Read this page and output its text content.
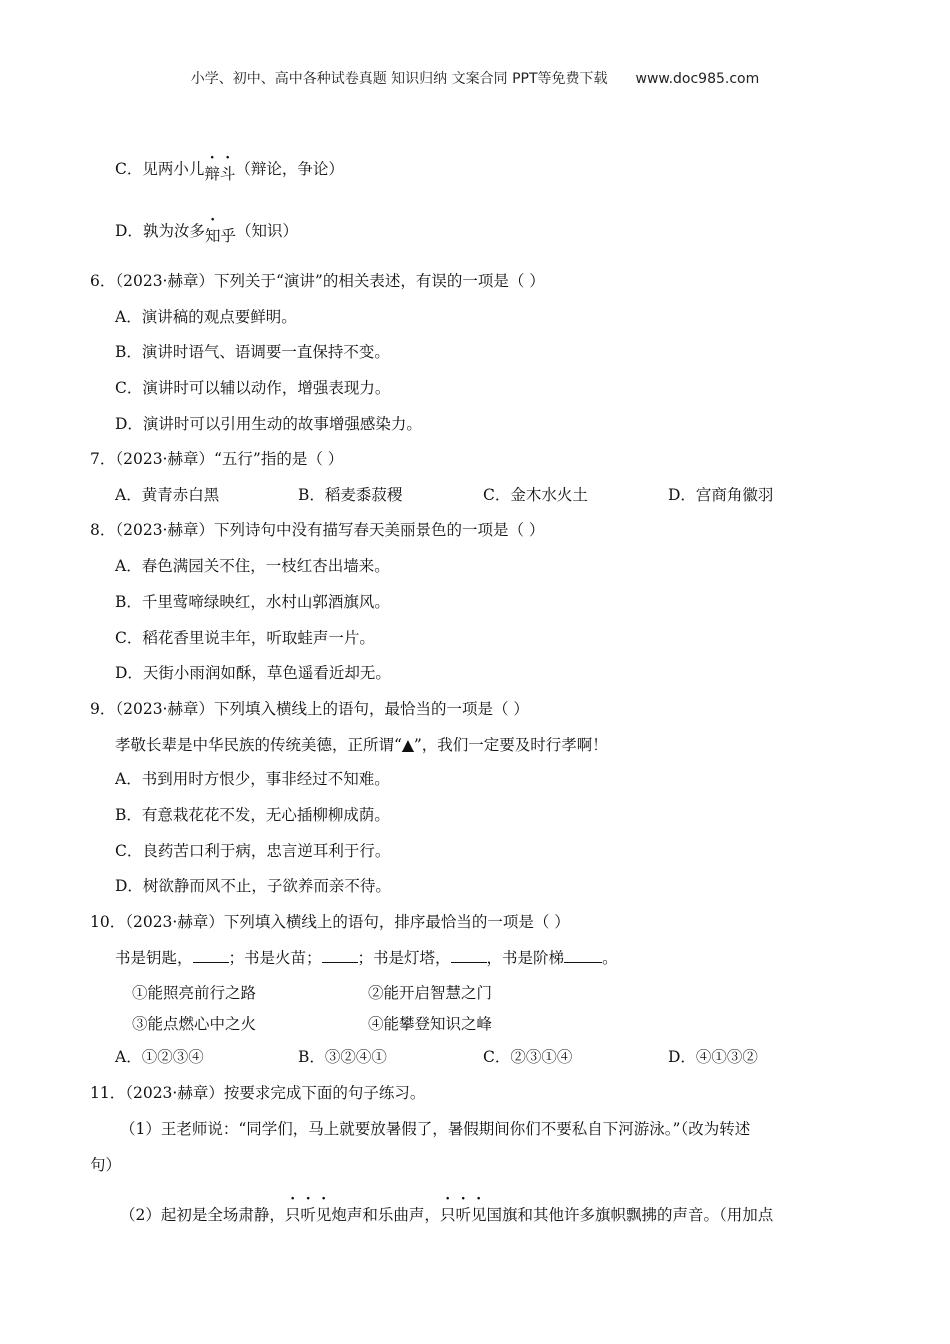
小学、初中、高中各种试卷真题 知识归纳 文案合同 PPT等免费下载 www.doc985.com
C．见两小儿辩斗（辩论，争论）
D．孰为汝多知乎（知识）
6．（2023·赫章）下列关于“演讲”的相关表述，有误的一项是（ ）
A．演讲稿的观点要鲜明。
B．演讲时语气、语调要一直保持不变。
C．演讲时可以辅以动作，增强表现力。
D．演讲时可以引用生动的故事增强感染力。
7．（2023·赫章）“五行”指的是（ ）
A．黄青赤白黑	B．稻麦黍菽稷	C．金木水火土	D．宫商角徽羽
8．（2023·赫章）下列诗句中没有描写春天美丽景色的一项是（ ）
A．春色满园关不住，一枝红杏出墙来。
B．千里莺啼绿映红，水村山郭酒旗风。
C．稻花香里说丰年，听取蛙声一片。
D．天街小雨润如酥，草色遥看近却无。
9．（2023·赫章）下列填入横线上的语句，最恰当的一项是（ ）
孝敬长辈是中华民族的传统美德，正所谓“▲”，我们一定要及时行孝啊！
A．书到用时方恨少，事非经过不知难。
B．有意栽花花不发，无心插柳柳成荫。
C．良药苦口利于病，忠言逆耳利于行。
D．树欲静而风不止，子欲养而亲不待。
10．（2023·赫章）下列填入横线上的语句，排序最恰当的一项是（ ）
书是钥匙， ；书是火苗； ；书是灯塔， ，书是阶梯 。
①能照亮前行之路	②能开启智慧之门
③能点燃心中之火	④能攀登知识之峰
A．①②③④	B．③②④①	C．②③①④	D．④①③②
11．（2023·赫章）按要求完成下面的句子练习。
（1）王老师说：“同学们，马上就要放暑假了，暑假期间你们不要私自下河游泳。”（改为转述
句）
（2）起初是全场肃静，只听见炮声和乐曲声，只听见国旗和其他许多旗帜飘拂的声音。（用加点
